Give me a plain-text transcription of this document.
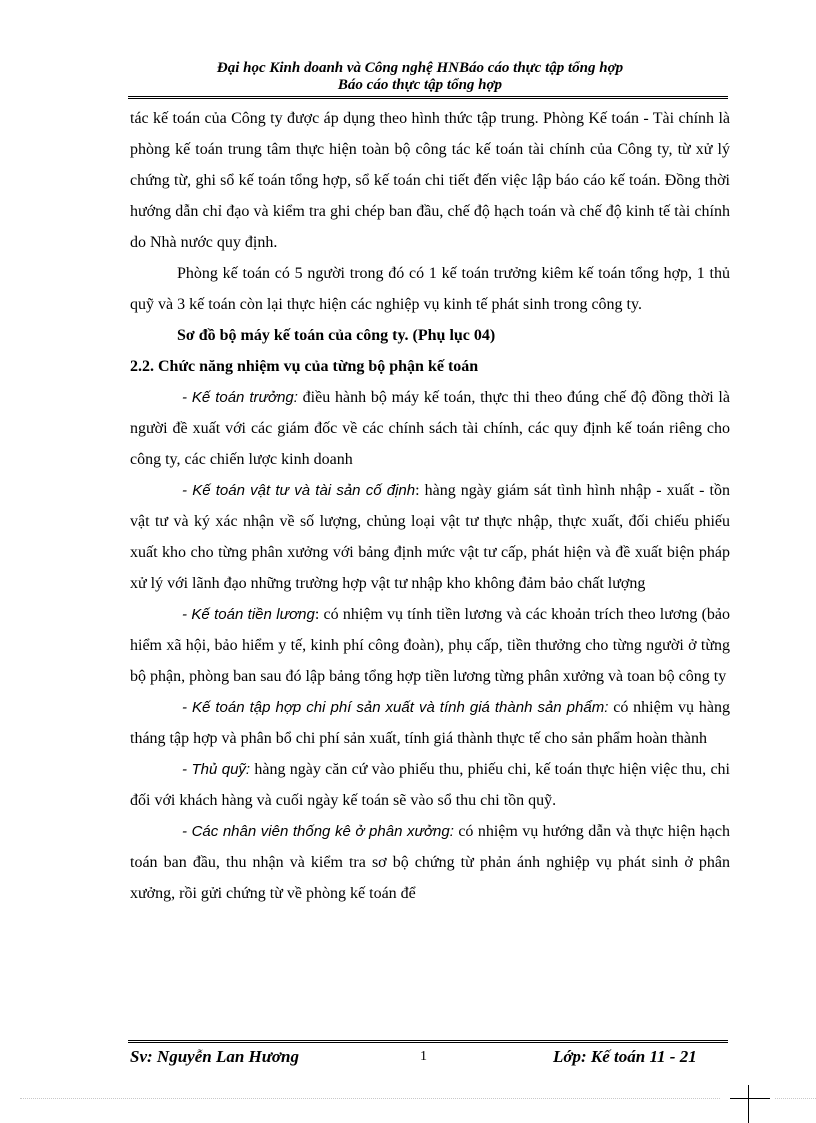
Đại học Kinh doanh và Công nghệ HNBáo cáo thực tập tổng hợp
Báo cáo thực tập tổng hợp

tác kế toán của Công ty được áp dụng theo hình thức tập trung. Phòng Kế toán - Tài chính là phòng kế toán trung tâm thực hiện toàn bộ công tác kế toán tài chính của Công ty, từ xử lý chứng từ, ghi sổ kế toán tổng hợp, sổ kế toán chi tiết đến việc lập báo cáo kế toán. Đồng thời hướng dẫn chỉ đạo và kiểm tra ghi chép ban đầu, chế độ hạch toán và chế độ kinh tế tài chính do Nhà nước quy định.

Phòng kế toán có 5 người trong đó có 1 kế toán trưởng kiêm kế toán tổng hợp, 1 thủ quỹ và 3 kế toán còn lại thực hiện các nghiệp vụ kinh tế phát sinh trong công ty.

Sơ đồ bộ máy kế toán của công ty. (Phụ lục 04)

2.2. Chức năng nhiệm vụ của từng bộ phận kế toán

- Kế toán trưởng: điều hành bộ máy kế toán, thực thi theo đúng chế độ đồng thời là người đề xuất với các giám đốc về các chính sách tài chính, các quy định kế toán riêng cho công ty, các chiến lược kinh doanh

- Kế toán vật tư và tài sản cố định: hàng ngày giám sát tình hình nhập - xuất - tồn vật tư và ký xác nhận về số lượng, chủng loại vật tư thực nhập, thực xuất, đối chiếu phiếu xuất kho cho từng phân xưởng với bảng định mức vật tư cấp, phát hiện và đề xuất biện pháp xử lý với lãnh đạo những trường hợp vật tư nhập kho không đảm bảo chất lượng

- Kế toán tiền lương: có nhiệm vụ tính tiền lương và các khoản trích theo lương (bảo hiểm xã hội, bảo hiểm y tế, kinh phí công đoàn), phụ cấp, tiền thưởng cho từng người ở từng bộ phận, phòng ban sau đó lập bảng tổng hợp tiền lương từng phân xưởng và toan bộ công ty

- Kế toán tập hợp chi phí sản xuất và tính giá thành sản phẩm: có nhiệm vụ hàng tháng tập hợp và phân bổ chi phí sản xuất, tính giá thành thực tế cho sản phẩm hoàn thành

- Thủ quỹ: hàng ngày căn cứ vào phiếu thu, phiếu chi, kế toán thực hiện việc thu, chi đối với khách hàng và cuối ngày kế toán sẽ vào sổ thu chi tồn quỹ.

- Các nhân viên thống kê ở phân xưởng: có nhiệm vụ hướng dẫn và thực hiện hạch toán ban đầu, thu nhận và kiểm tra sơ bộ chứng từ phản ánh nghiệp vụ phát sinh ở phân xưởng, rồi gửi chứng từ về phòng kế toán để

Sv: Nguyễn Lan Hương	1	Lớp: Kế toán 11 - 21
